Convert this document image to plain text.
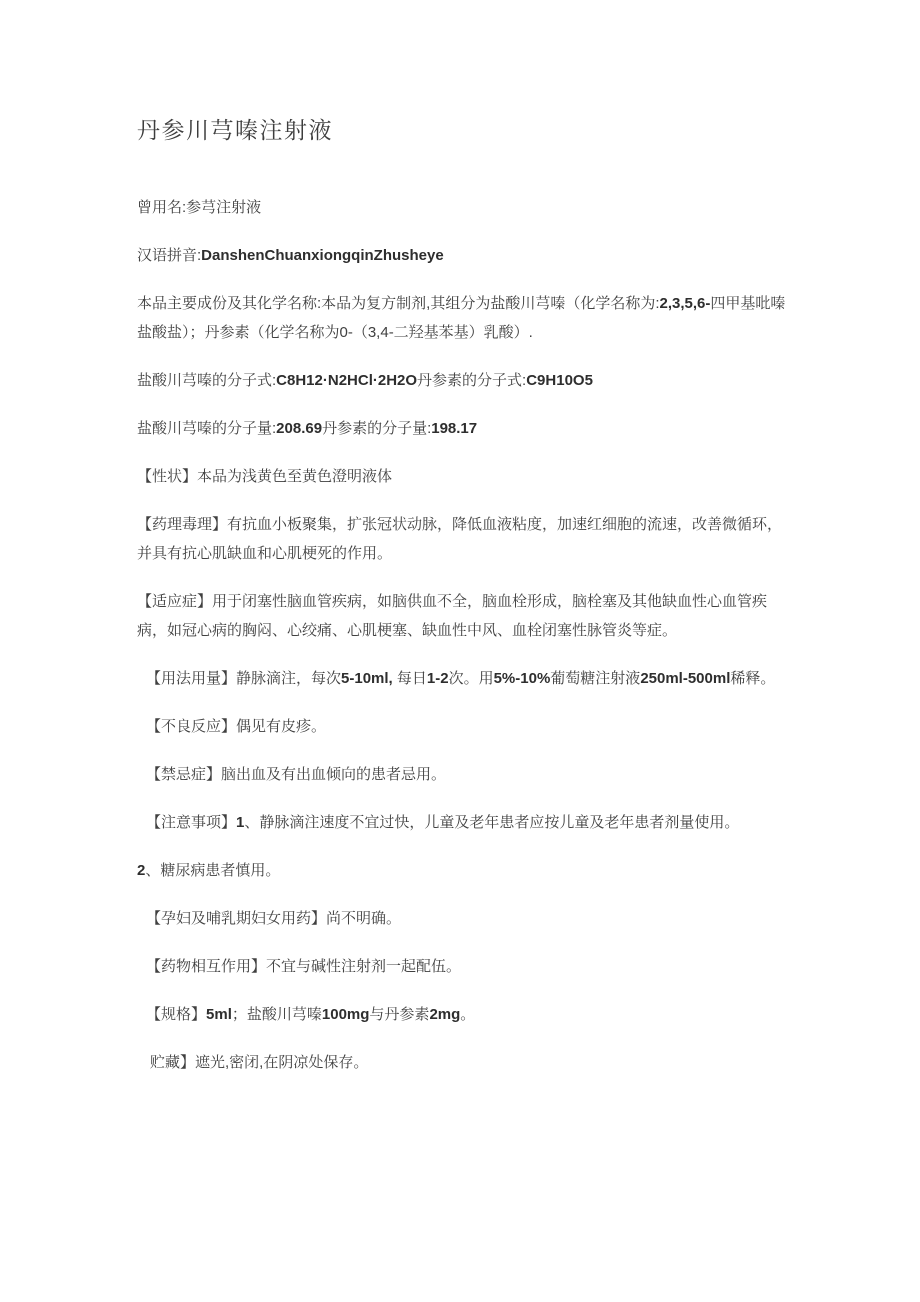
丹参川芎嗪注射液
曾用名:参芎注射液
汉语拼音:DanshenChuanxiongqinZhusheye
本品主要成份及其化学名称:本品为复方制剂,其组分为盐酸川芎嗪（化学名称为:2,3,5,6-四甲基吡嗪盐酸盐）；丹参素（化学名称为0-（3,4-二羟基苯基）乳酸）.
盐酸川芎嗪的分子式:C8H12·N2HCl·2H2O丹参素的分子式:C9H10O5
盐酸川芎嗪的分子量:208.69丹参素的分子量:198.17
【性状】本品为浅黄色至黄色澄明液体
【药理毒理】有抗血小板聚集，扩张冠状动脉，降低血液粘度，加速红细胞的流速，改善微循环，并具有抗心肌缺血和心肌梗死的作用。
【适应症】用于闭塞性脑血管疾病，如脑供血不全，脑血栓形成，脑栓塞及其他缺血性心血管疾病，如冠心病的胸闷、心绞痛、心肌梗塞、缺血性中风、血栓闭塞性脉管炎等症。
【用法用量】静脉滴注，每次5-10ml, 每日1-2次。用5%-10%葡萄糖注射液250ml-500ml稀释。
【不良反应】偶见有皮疹。
【禁忌症】脑出血及有出血倾向的患者忌用。
【注意事项】1、静脉滴注速度不宜过快，儿童及老年患者应按儿童及老年患者剂量使用。
2、糖尿病患者慎用。
【孕妇及哺乳期妇女用药】尚不明确。
【药物相互作用】不宜与碱性注射剂一起配伍。
【规格】5ml；盐酸川芎嗪100mg与丹参素2mg。
贮藏】遮光,密闭,在阴凉处保存。
